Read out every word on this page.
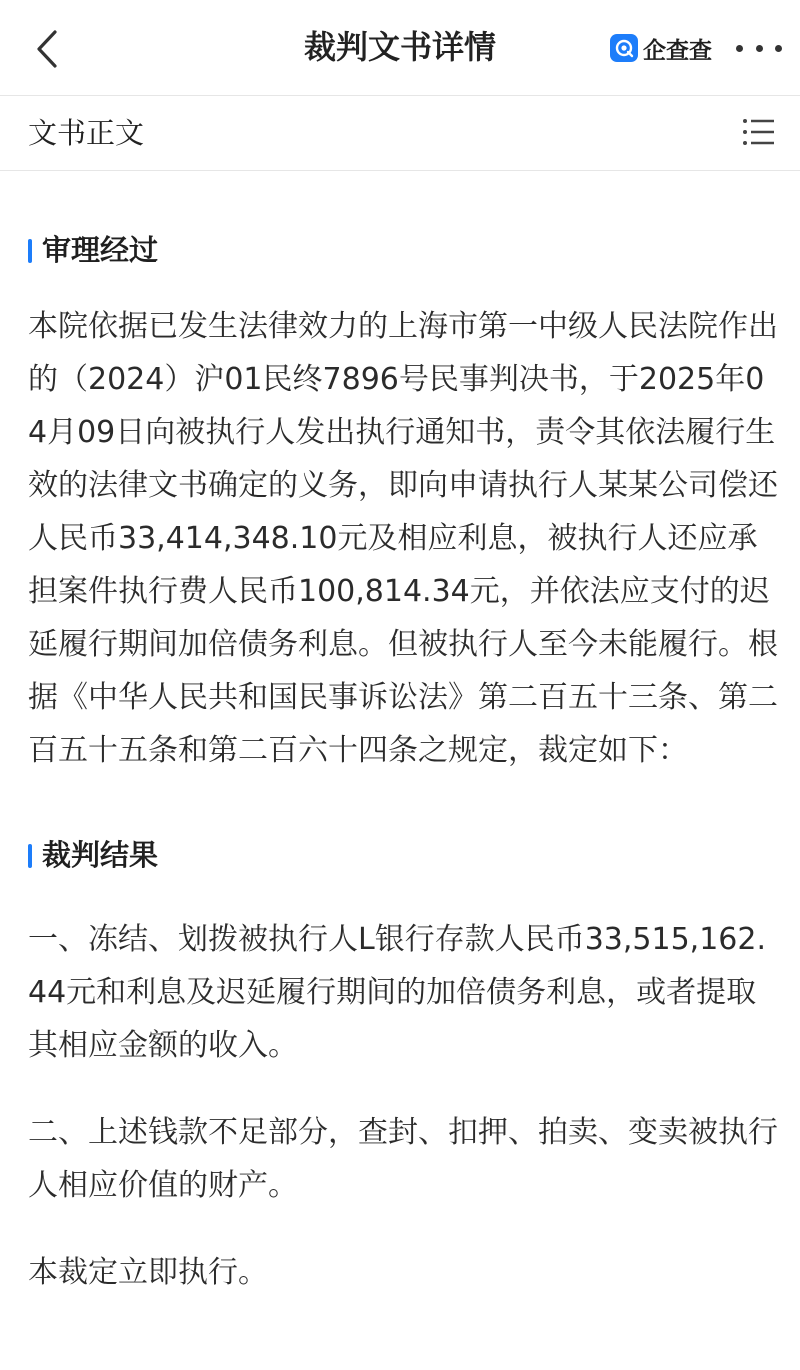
裁判文书详情	企查查
文书正文
审理经过

本院依据已发生法律效力的上海市第一中级人民法院作出的（2024）沪01民终7896号民事判决书，于2025年04月09日向被执行人发出执行通知书，责令其依法履行生效的法律文书确定的义务，即向申请执行人某某公司偿还人民币33,414,348.10元及相应利息，被执行人还应承担案件执行费人民币100,814.34元，并依法应支付的迟延履行期间加倍债务利息。但被执行人至今未能履行。根据《中华人民共和国民事诉讼法》第二百五十三条、第二百五十五条和第二百六十四条之规定，裁定如下：

裁判结果

一、冻结、划拨被执行人L银行存款人民币33,515,162.44元和利息及迟延履行期间的加倍债务利息，或者提取其相应金额的收入。

二、上述钱款不足部分，查封、扣押、拍卖、变卖被执行人相应价值的财产。

本裁定立即执行。
